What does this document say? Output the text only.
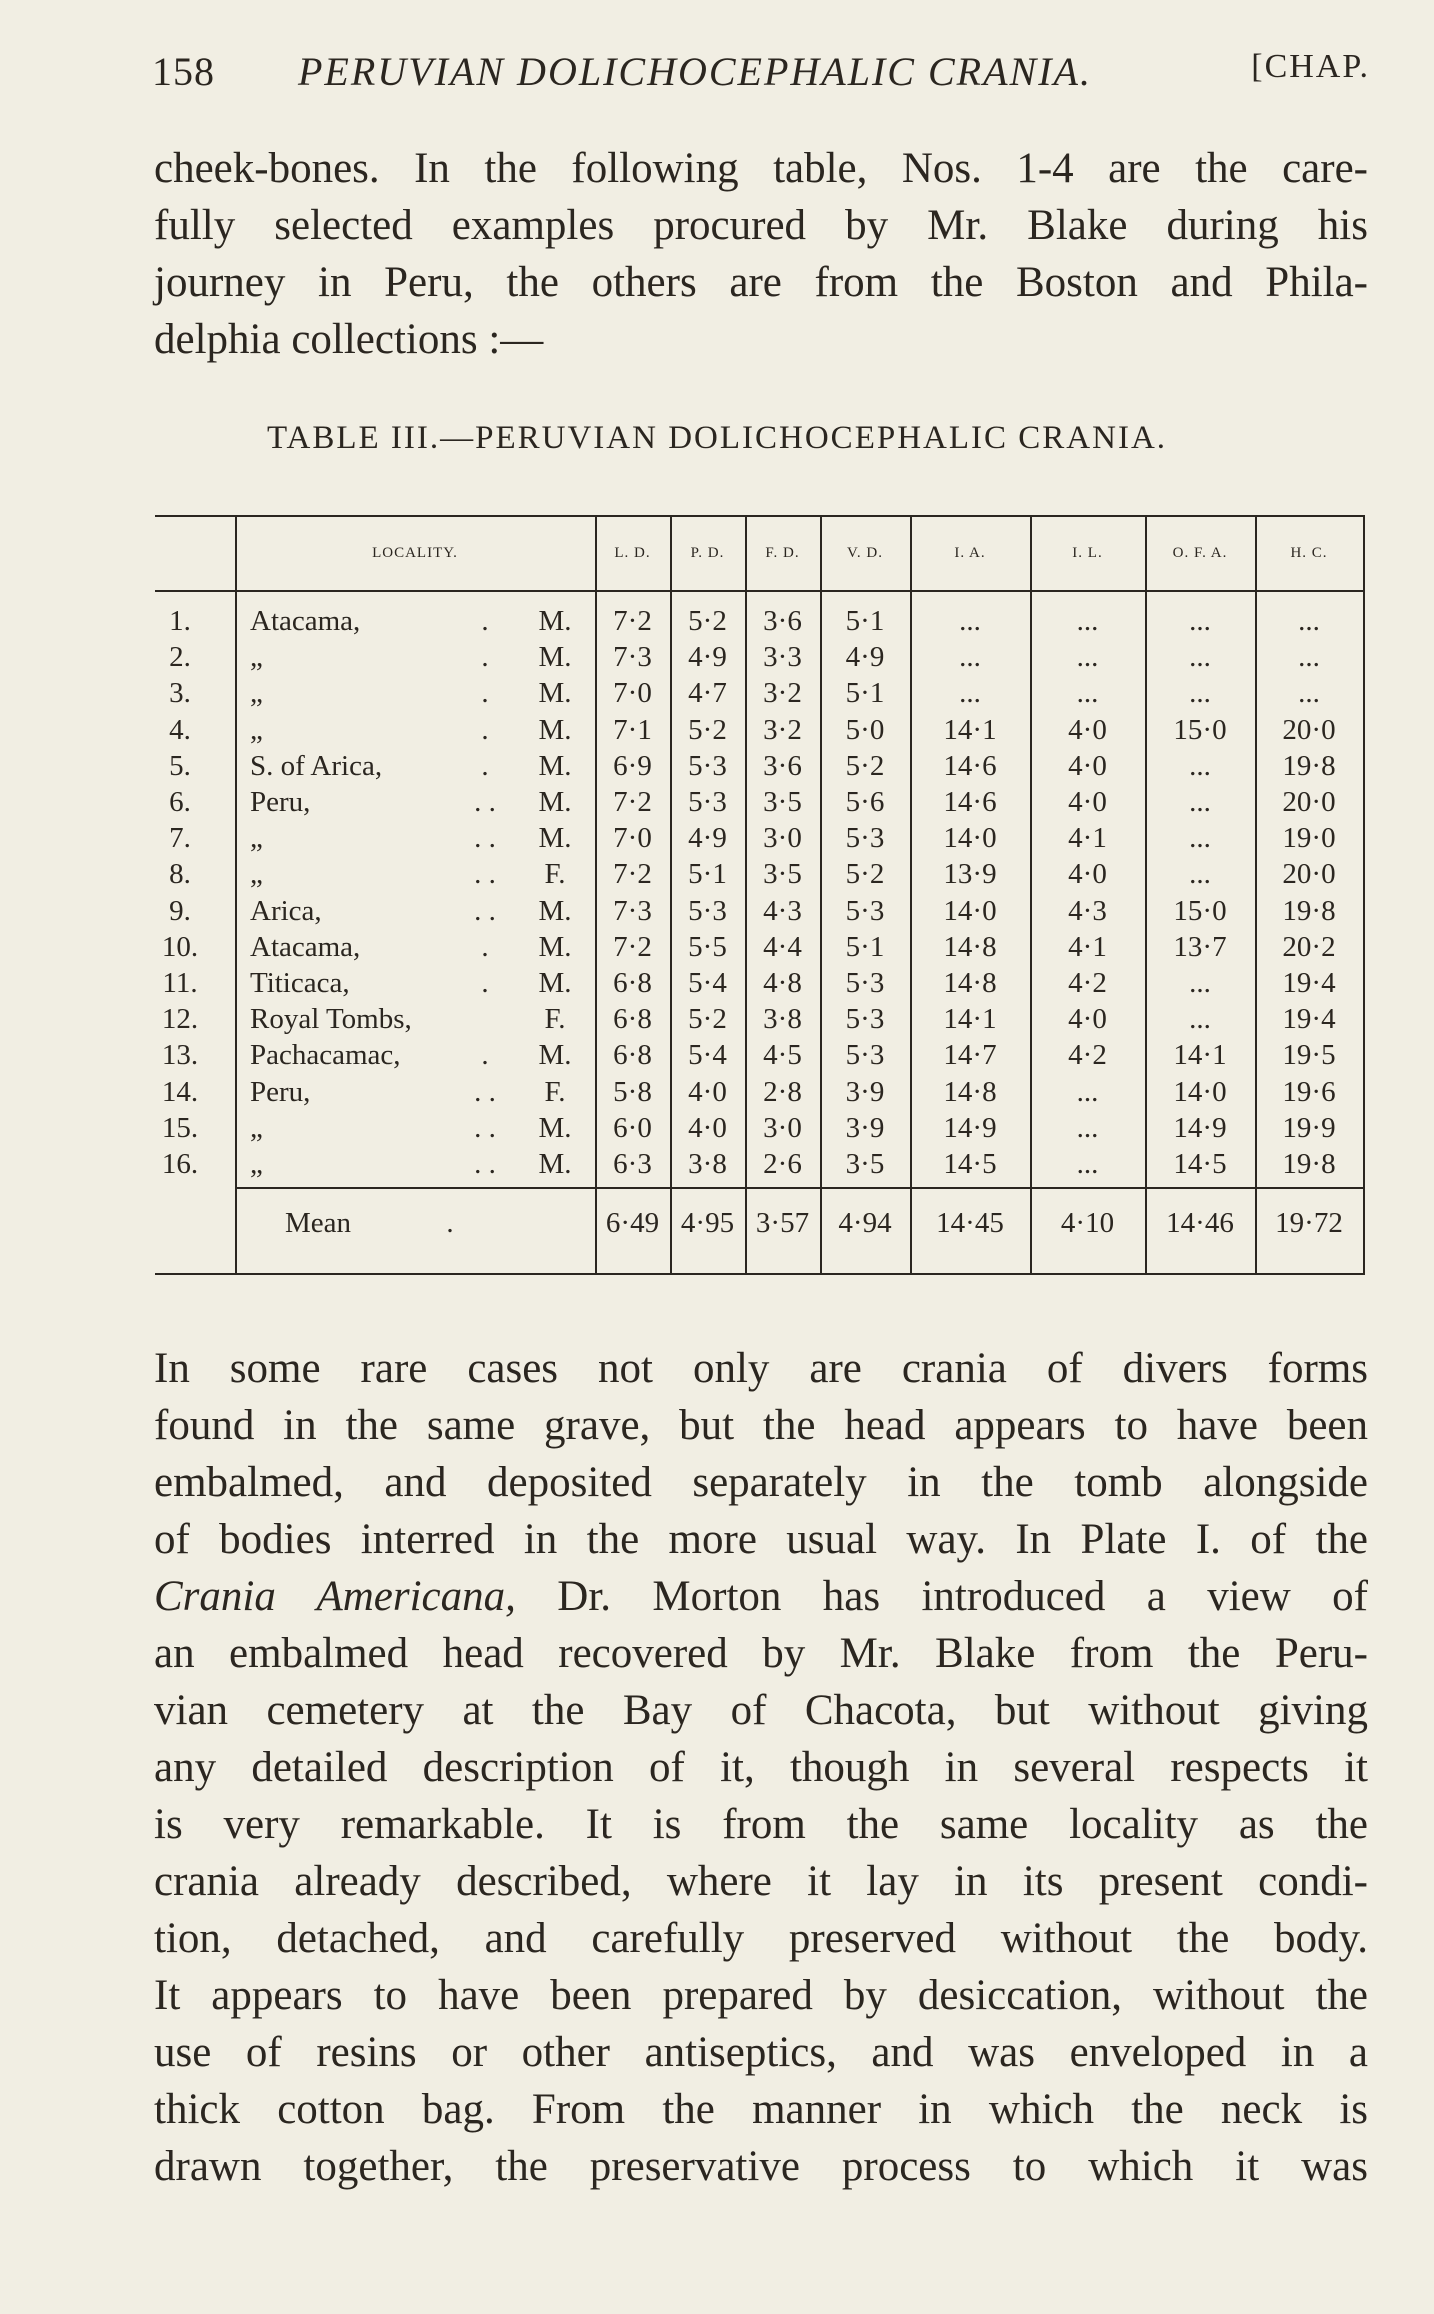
158 PERUVIAN DOLICHOCEPHALIC CRANIA.	[CHAP.
cheek-bones. In the following table, Nos. 1-4 are the care-
fully selected examples procured by Mr. Blake during his
journey in Peru, the others are from the Boston and Phila-
delphia collections :—
TABLE III.—PERUVIAN DOLICHOCEPHALIC CRANIA.
LOCALITY.	L. D.	P. D.	F. D.	V. D.	I. A.	I. L.	O. F. A.	H. C.
1.	Atacama,	.	M.	7·2	5·2	3·6	5·1	...	...	...	...
2.	„	.	M.	7·3	4·9	3·3	4·9	...	...	...	...
3.	„	.	M.	7·0	4·7	3·2	5·1	...	...	...	...
4.	„	.	M.	7·1	5·2	3·2	5·0	14·1	4·0	15·0	20·0
5.	S. of Arica,	.	M.	6·9	5·3	3·6	5·2	14·6	4·0	...	19·8
6.	Peru,	. .	M.	7·2	5·3	3·5	5·6	14·6	4·0	...	20·0
7.	„	. .	M.	7·0	4·9	3·0	5·3	14·0	4·1	...	19·0
8.	„	. .	F.	7·2	5·1	3·5	5·2	13·9	4·0	...	20·0
9.	Arica,	. .	M.	7·3	5·3	4·3	5·3	14·0	4·3	15·0	19·8
10. Atacama,	.	M.	7·2	5·5	4·4	5·1	14·8	4·1	13·7	20·2
11. Titicaca,	.	M.	6·8	5·4	4·8	5·3	14·8	4·2	...	19·4
12. Royal Tombs,	F.	6·8	5·2	3·8	5·3	14·1	4·0	...	19·4
13. Pachacamac,	.	M.	6·8	5·4	4·5	5·3	14·7	4·2	14·1	19·5
14. Peru,	. .	F.	5·8	4·0	2·8	3·9	14·8	...	14·0	19·6
15. „	. .	M.	6·0	4·0	3·0	3·9	14·9	...	14·9	19·9
16. „	. .	M.	6·3	3·8	2·6	3·5	14·5	...	14·5	19·8
Mean	.	6·49 4·95 3·57	4·94	14·45	4·10	14·46	19·72
In some rare cases not only are crania of divers forms
found in the same grave, but the head appears to have been
embalmed, and deposited separately in the tomb alongside
of bodies interred in the more usual way. In Plate I. of the
Crania Americana, Dr. Morton has introduced a view of
an embalmed head recovered by Mr. Blake from the Peru-
vian cemetery at the Bay of Chacota, but without giving
any detailed description of it, though in several respects it
is very remarkable. It is from the same locality as the
crania already described, where it lay in its present condi-
tion, detached, and carefully preserved without the body.
It appears to have been prepared by desiccation, without the
use of resins or other antiseptics, and was enveloped in a
thick cotton bag. From the manner in which the neck is
drawn together, the preservative process to which it was
